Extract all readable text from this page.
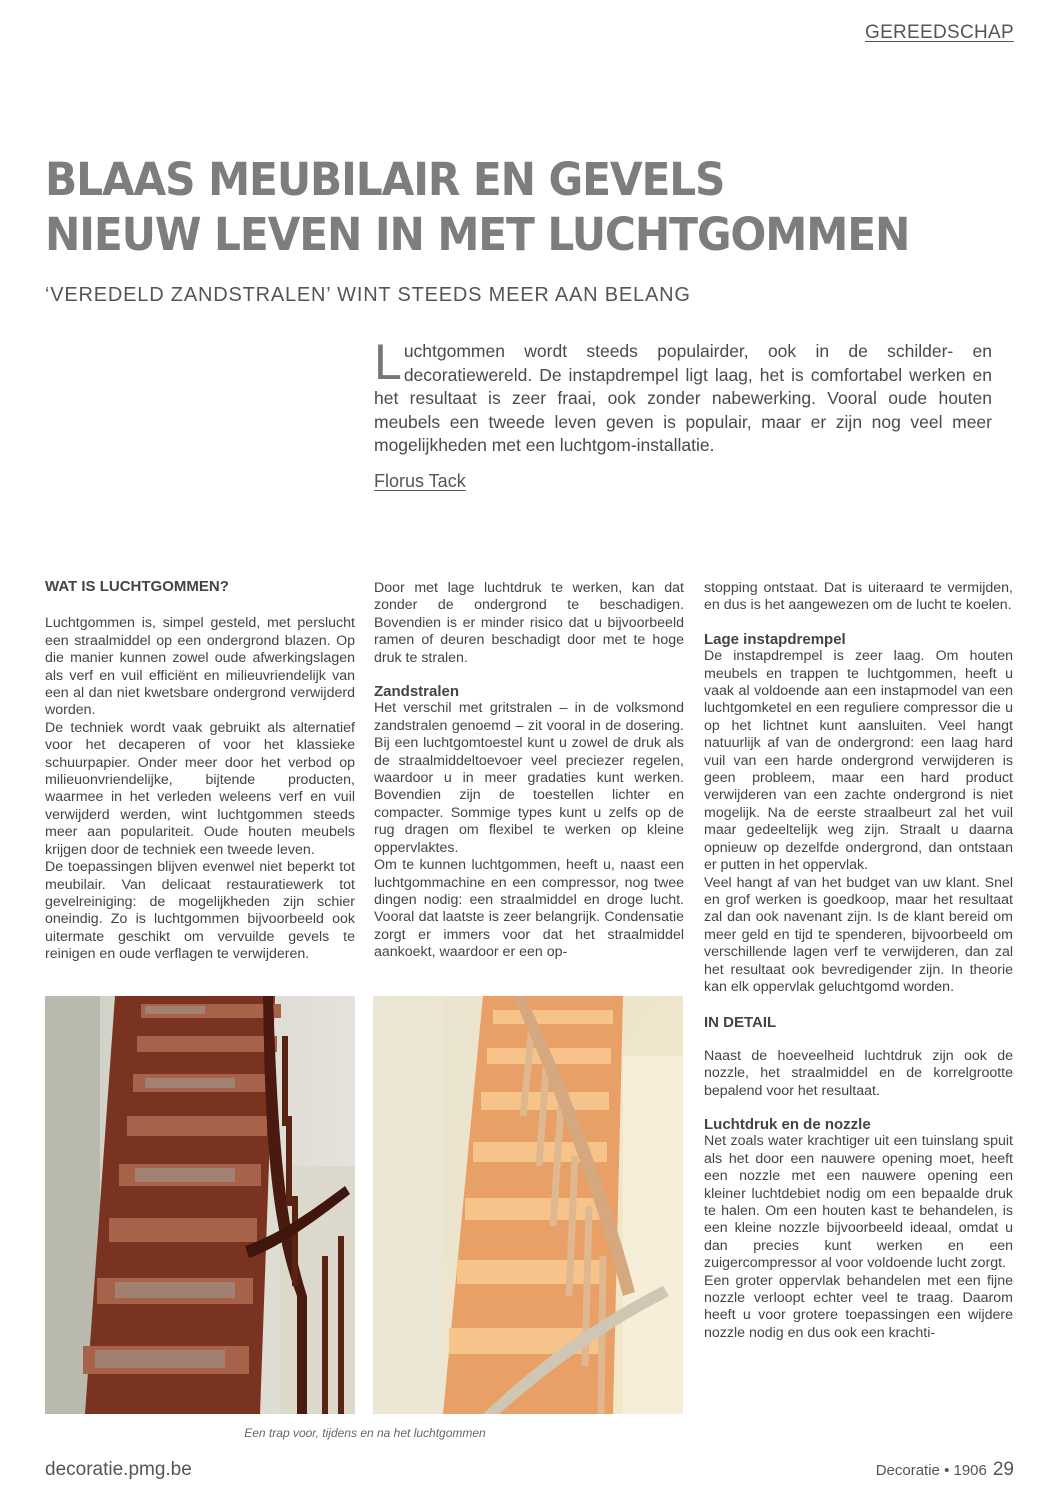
GEREEDSCHAP
BLAAS MEUBILAIR EN GEVELS
NIEUW LEVEN IN MET LUCHTGOMMEN
‘VEREDELD ZANDSTRALEN’ WINT STEEDS MEER AAN BELANG

Luchtgommen wordt steeds populairder, ook in de schilder- en decoratiewereld. De instapdrempel ligt laag, het is comfortabel werken en het resultaat is zeer fraai, ook zonder nabewerking. Vooral oude houten meubels een tweede leven geven is populair, maar er zijn nog veel meer mogelijkheden met een luchtgom-installatie.

Florus Tack
WAT IS LUCHTGOMMEN?

Luchtgommen is, simpel gesteld, met perslucht een straalmiddel op een ondergrond blazen. Op die manier kunnen zowel oude afwerkingslagen als verf en vuil efficiënt en milieuvriendelijk van een al dan niet kwetsbare ondergrond verwijderd worden.

De techniek wordt vaak gebruikt als alternatief voor het decaperen of voor het klassieke schuurpapier. Onder meer door het verbod op milieuonvriendelijke, bijtende producten, waarmee in het verleden weleens verf en vuil verwijderd werden, wint luchtgommen steeds meer aan populariteit. Oude houten meubels krijgen door de techniek een tweede leven.

De toepassingen blijven evenwel niet beperkt tot meubilair. Van delicaat restauratiewerk tot gevelreiniging: de mogelijkheden zijn schier oneindig. Zo is luchtgommen bijvoorbeeld ook uitermate geschikt om vervuilde gevels te reinigen en oude verflagen te verwijderen.

Door met lage luchtdruk te werken, kan dat zonder de ondergrond te beschadigen. Bovendien is er minder risico dat u bijvoorbeeld ramen of deuren beschadigt door met te hoge druk te stralen.

Zandstralen

Het verschil met gritstralen – in de volksmond zandstralen genoemd – zit vooral in de dosering. Bij een luchtgomtoestel kunt u zowel de druk als de straalmiddeltoevoer veel preciezer regelen, waardoor u in meer gradaties kunt werken. Bovendien zijn de toestellen lichter en compacter. Sommige types kunt u zelfs op de rug dragen om flexibel te werken op kleine oppervlaktes.

Om te kunnen luchtgommen, heeft u, naast een luchtgommachine en een compressor, nog twee dingen nodig: een straalmiddel en droge lucht. Vooral dat laatste is zeer belangrijk. Condensatie zorgt er immers voor dat het straalmiddel aankoekt, waardoor er een op-

stopping ontstaat. Dat is uiteraard te vermijden, en dus is het aangewezen om de lucht te koelen.

Lage instapdrempel

De instapdrempel is zeer laag. Om houten meubels en trappen te luchtgommen, heeft u vaak al voldoende aan een instapmodel van een luchtgomketel en een reguliere compressor die u op het lichtnet kunt aansluiten. Veel hangt natuurlijk af van de ondergrond: een laag hard vuil van een harde ondergrond verwijderen is geen probleem, maar een hard product verwijderen van een zachte ondergrond is niet mogelijk. Na de eerste straalbeurt zal het vuil maar gedeeltelijk weg zijn. Straalt u daarna opnieuw op dezelfde ondergrond, dan ontstaan er putten in het oppervlak.

Veel hangt af van het budget van uw klant. Snel en grof werken is goedkoop, maar het resultaat zal dan ook navenant zijn. Is de klant bereid om meer geld en tijd te spenderen, bijvoorbeeld om verschillende lagen verf te verwijderen, dan zal het resultaat ook bevredigender zijn. In theorie kan elk oppervlak geluchtgomd worden.

IN DETAIL

Naast de hoeveelheid luchtdruk zijn ook de nozzle, het straalmiddel en de korrelgrootte bepalend voor het resultaat.

Luchtdruk en de nozzle

Net zoals water krachtiger uit een tuinslang spuit als het door een nauwere opening moet, heeft een nozzle met een nauwere opening een kleiner luchtdebiet nodig om een bepaalde druk te halen. Om een houten kast te behandelen, is een kleine nozzle bijvoorbeeld ideaal, omdat u dan precies kunt werken en een zuigercompressor al voor voldoende lucht zorgt.

Een groter oppervlak behandelen met een fijne nozzle verloopt echter veel te traag. Daarom heeft u voor grotere toepassingen een wijdere nozzle nodig en dus ook een krachti-

Een trap voor, tijdens en na het luchtgommen
decoratie.pmg.be	Decoratie • 1906 29
